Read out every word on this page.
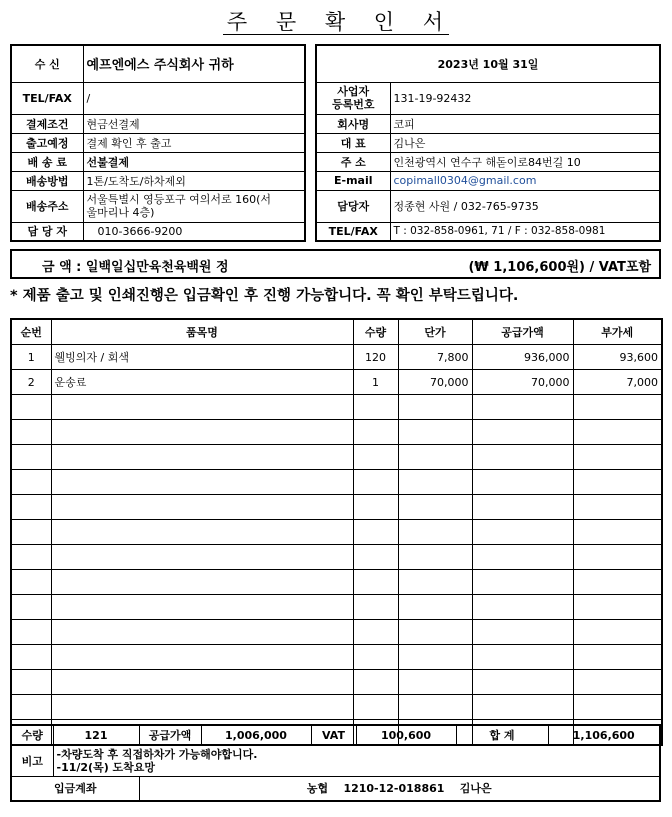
주 문 확 인 서
수 신	예프엔에스 주식회사 귀하
TEL/FAX	/
결제조건	현금선결제
출고예정	결제 확인 후 출고
배 송 료	선불결제
배송방법	1톤/도착도/하차제외
배송주소	서울특별시 영등포구 여의서로 160(서
울마리나 4층)

담 당 자	010-3666-9200
2023년 10월 31일	

사업자
등록번호	131-19-92432
회사명	코피
대 표	김나은
주 소	인천광역시 연수구 해돋이로84번길 10
E-mail	copimall0304@gmail.com
담당자	정종현 사원 / 032-765-9735
TEL/FAX	T : 032-858-0961, 71 / F : 032-858-0981
금 액 : 일백일십만육천육백원 정	(₩ 1,106,600원) / VAT포함
* 제품 출고 및 인쇄진행은 입금확인 후 진행 가능합니다. 꼭 확인 부탁드립니다.
순번	품목명	수량	단가	공급가액	부가세
1	웰빙의자 / 회색	120	7,800	936,000	93,600
2	운송료	1	70,000	70,000	7,000

수량	121	공급가액	1,006,000	VAT	100,600	합 계	1,106,600
비고	-차량도착 후 직접하차가 가능해야합니다.
-11/2(목) 도착요망						

입금계좌		농협    1210-12-018861    김나은					
